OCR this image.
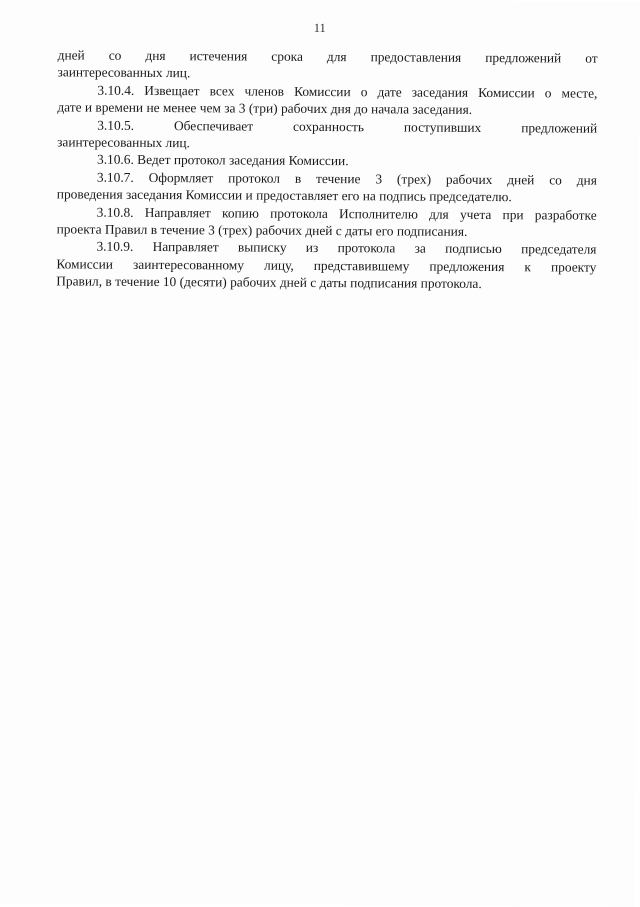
11

дней со дня истечения срока для предоставления предложений от

заинтересованных лиц.

3.10.4. Извещает всех членов Комиссии о дате заседания Комиссии о месте,

дате и времени не менее чем за 3 (три) рабочих дня до начала заседания.

3.10.5. Обеспечивает сохранность поступивших предложений

заинтересованных лиц.

3.10.6. Ведет протокол заседания Комиссии.

3.10.7. Оформляет протокол в течение 3 (трех) рабочих дней со дня

проведения заседания Комиссии и предоставляет его на подпись председателю.

3.10.8. Направляет копию протокола Исполнителю для учета при разработке

проекта Правил в течение 3 (трех) рабочих дней с даты его подписания.

3.10.9. Направляет выписку из протокола за подписью председателя

Комиссии заинтересованному лицу, представившему предложения к проекту

Правил, в течение 10 (десяти) рабочих дней с даты подписания протокола.
